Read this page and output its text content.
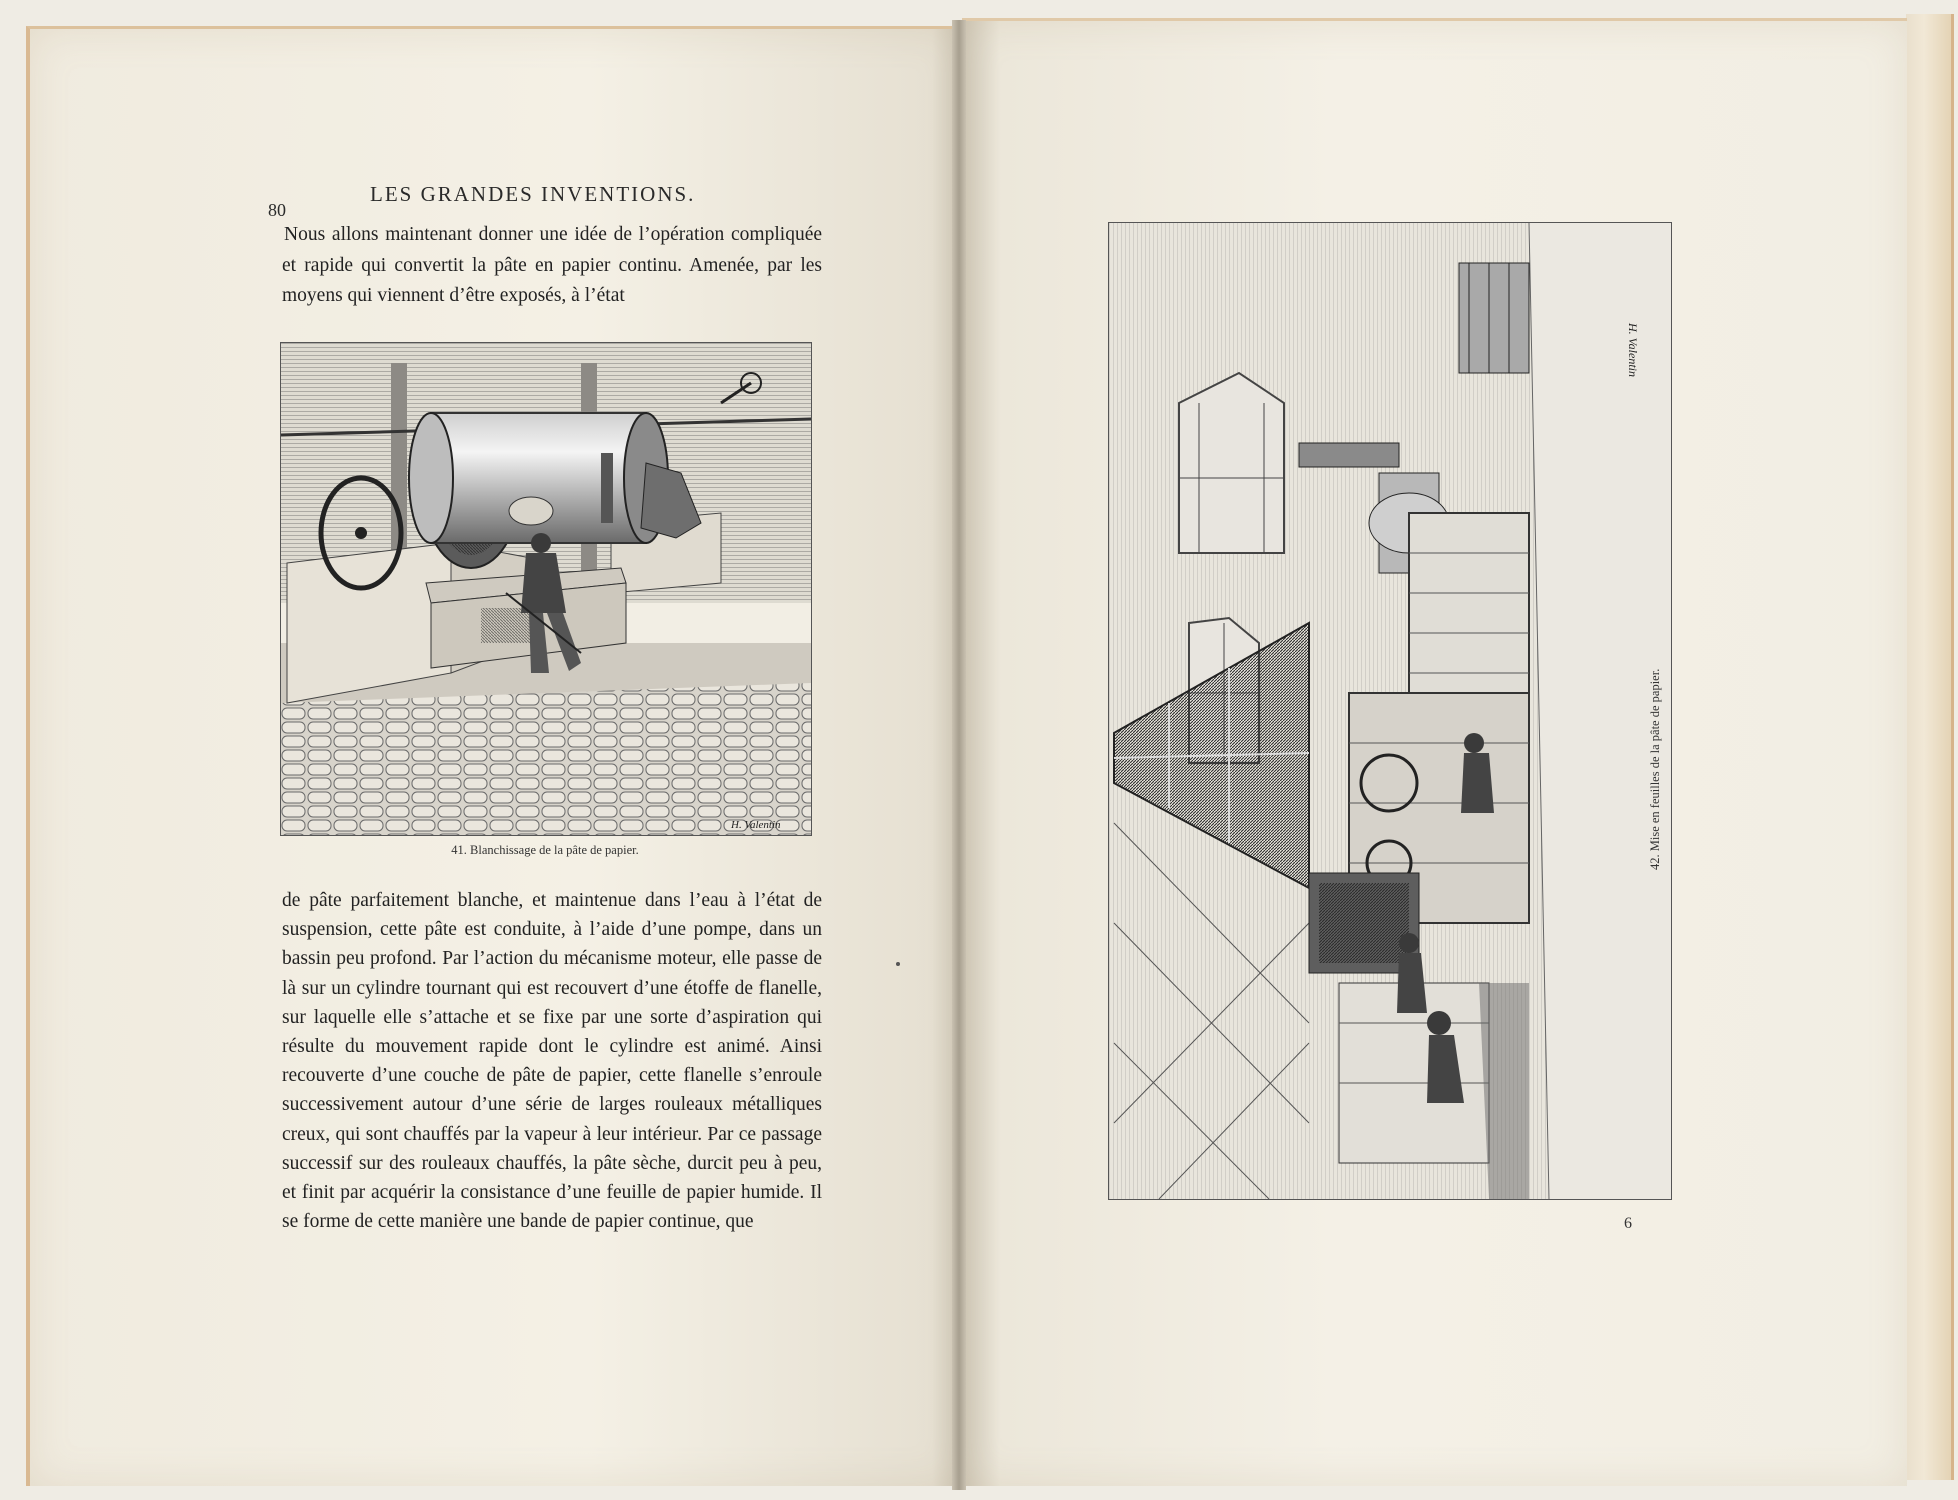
80
LES GRANDES INVENTIONS.

Nous allons maintenant donner une idée de l’opération compliquée et rapide qui convertit la pâte en papier continu. Amenée, par les moyens qui viennent d’être exposés, à l’état

H. Valentin
41. Blanchissage de la pâte de papier.

de pâte parfaitement blanche, et maintenue dans l’eau à l’état de suspension, cette pâte est conduite, à l’aide d’une pompe, dans un bassin peu profond. Par l’action du mécanisme moteur, elle passe de là sur un cylindre tournant qui est recouvert d’une étoffe de flanelle, sur laquelle elle s’attache et se fixe par une sorte d’aspiration qui résulte du mouvement rapide dont le cylindre est animé. Ainsi recouverte d’une couche de pâte de papier, cette flanelle s’enroule successivement autour d’une série de larges rouleaux métalliques creux, qui sont chauffés par la vapeur à leur intérieur. Par ce passage successif sur des rouleaux chauffés, la pâte sèche, durcit peu à peu, et finit par acquérir la consistance d’une feuille de papier humide. Il se forme de cette manière une bande de papier continue, que

H. Valentin
42. Mise en feuilles de la pâte de papier.
6
